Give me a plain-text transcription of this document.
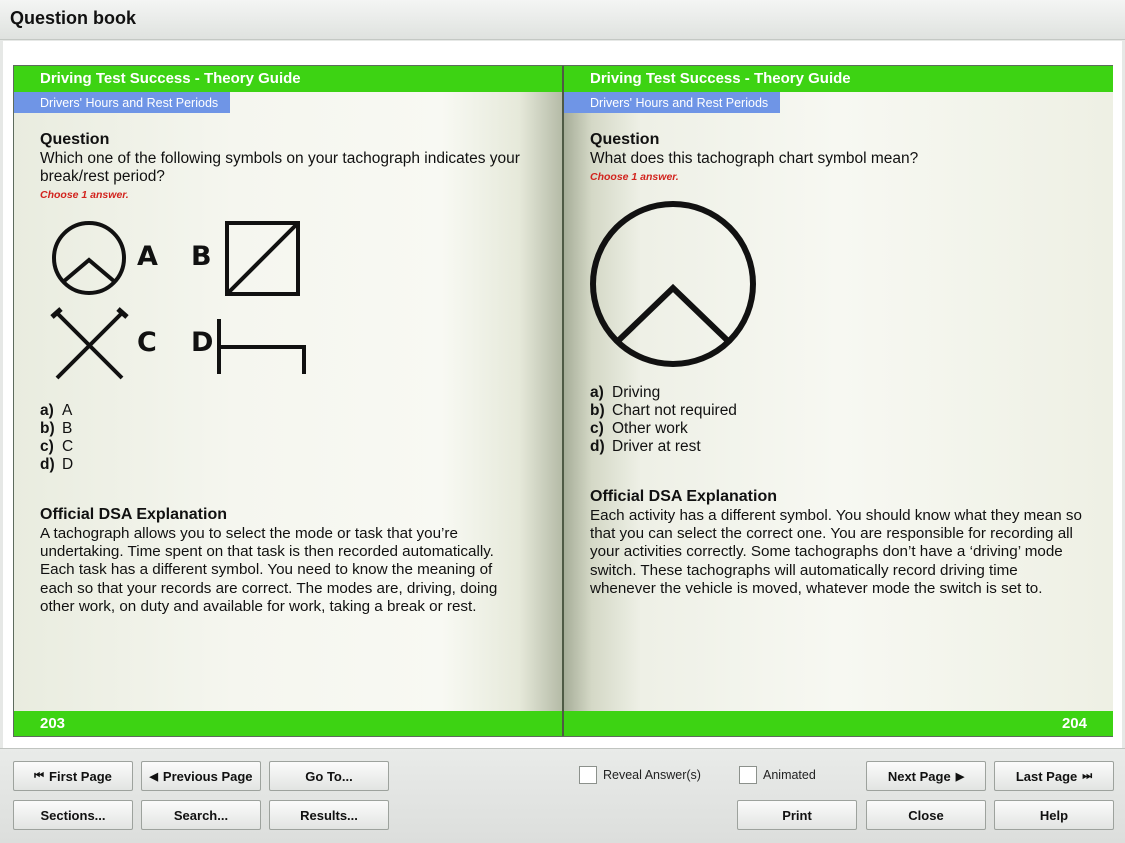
Question book
Driving Test Success - Theory Guide
Drivers' Hours and Rest Periods
Question
Which one of the following symbols on your tachograph indicates your
break/rest period?
Choose 1 answer.
A B
C D
a) A
b) B
c) C
d) D
Official DSA Explanation
A tachograph allows you to select the mode or task that you’re
undertaking. Time spent on that task is then recorded automatically.
Each task has a different symbol. You need to know the meaning of
each so that your records are correct. The modes are, driving, doing
other work, on duty and available for work, taking a break or rest.
203
Driving Test Success - Theory Guide
Drivers' Hours and Rest Periods
Question
What does this tachograph chart symbol mean?
Choose 1 answer.
a) Driving
b) Chart not required
c) Other work
d) Driver at rest
Official DSA Explanation
Each activity has a different symbol. You should know what they mean so
that you can select the correct one. You are responsible for recording all
your activities correctly. Some tachographs don’t have a ‘driving’ mode
switch. These tachographs will automatically record driving time
whenever the vehicle is moved, whatever mode the switch is set to.
204
⏮ First Page	◀ Previous Page	Go To...	Reveal Answer(s)	Animated	Next Page ▶	Last Page ⏭
Sections...	Search...	Results...	Print	Close	Help
